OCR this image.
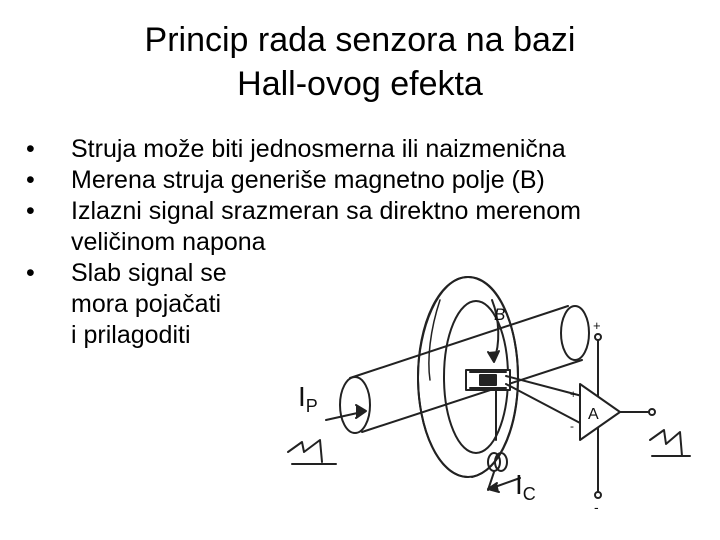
Princip rada senzora na bazi
Hall-ovog efekta
•	Struja može biti jednosmerna ili naizmenična
•	Merena struja generiše magnetno polje (B)
•	Izlazni signal srazmeran sa direktno merenom
veličinom napona
•	Slab signal se
mora pojačati
i prilagoditi
B
$I_P$
$I_C$
A
+
-
+
-
